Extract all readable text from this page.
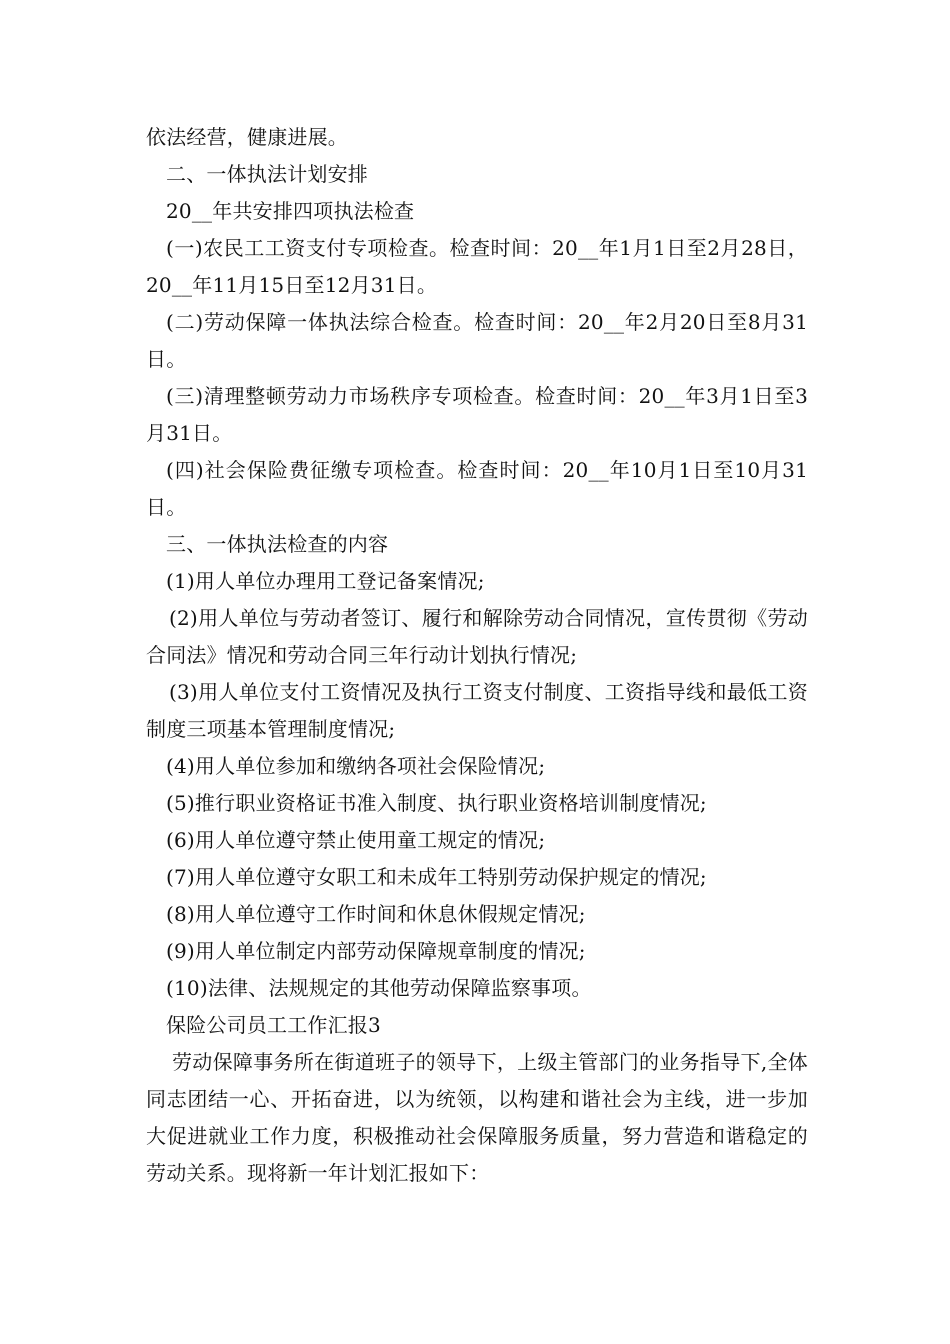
依法经营，健康进展。

二、一体执法计划安排

20__年共安排四项执法检查

(一)农民工工资支付专项检查。检查时间：20__年1月1日至2月28日，20__年11月15日至12月31日。

(二)劳动保障一体执法综合检查。检查时间：20__年2月20日至8月31日。

(三)清理整顿劳动力市场秩序专项检查。检查时间：20__年3月1日至3月31日。

(四)社会保险费征缴专项检查。检查时间：20__年10月1日至10月31日。

三、一体执法检查的内容

(1)用人单位办理用工登记备案情况;

(2)用人单位与劳动者签订、履行和解除劳动合同情况，宣传贯彻《劳动合同法》情况和劳动合同三年行动计划执行情况;

(3)用人单位支付工资情况及执行工资支付制度、工资指导线和最低工资制度三项基本管理制度情况;

(4)用人单位参加和缴纳各项社会保险情况;

(5)推行职业资格证书准入制度、执行职业资格培训制度情况;

(6)用人单位遵守禁止使用童工规定的情况;

(7)用人单位遵守女职工和未成年工特别劳动保护规定的情况;

(8)用人单位遵守工作时间和休息休假规定情况;

(9)用人单位制定内部劳动保障规章制度的情况;

(10)法律、法规规定的其他劳动保障监察事项。

保险公司员工工作汇报3

劳动保障事务所在街道班子的领导下，上级主管部门的业务指导下,全体同志团结一心、开拓奋进，以为统领，以构建和谐社会为主线，进一步加大促进就业工作力度，积极推动社会保障服务质量，努力营造和谐稳定的劳动关系。现将新一年计划汇报如下：
